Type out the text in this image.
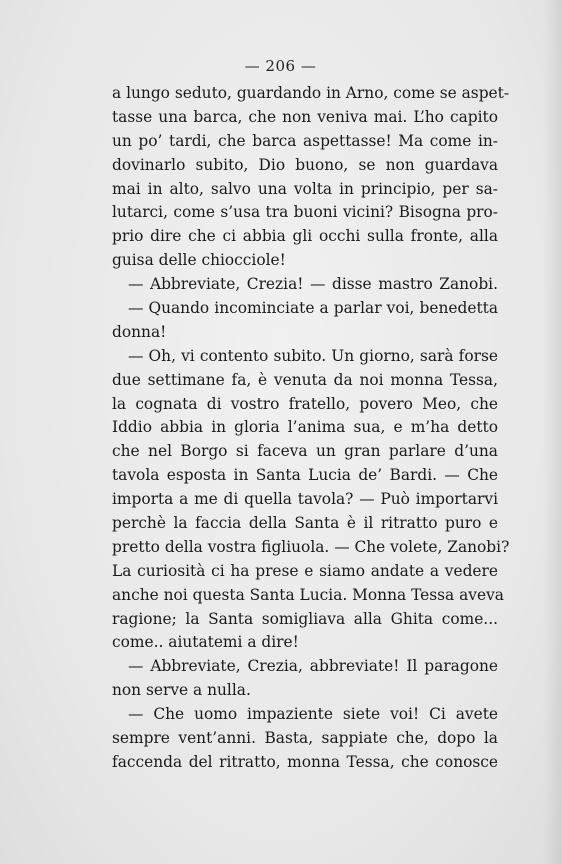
— 206 —
a lungo seduto, guardando in Arno, come se aspet-
tasse una barca, che non veniva mai. L’ho capito
un po’ tardi, che barca aspettasse! Ma come in-
dovinarlo subito, Dio buono, se non guardava
mai in alto, salvo una volta in principio, per sa-
lutarci, come s’usa tra buoni vicini? Bisogna pro-
prio dire che ci abbia gli occhi sulla fronte, alla
guisa delle chiocciole!
— Abbreviate, Crezia! — disse mastro Zanobi.
— Quando incominciate a parlar voi, benedetta
donna!
— Oh, vi contento subito. Un giorno, sarà forse
due settimane fa, è venuta da noi monna Tessa,
la cognata di vostro fratello, povero Meo, che
Iddio abbia in gloria l’anima sua, e m’ha detto
che nel Borgo si faceva un gran parlare d’una
tavola esposta in Santa Lucia de’ Bardi. — Che
importa a me di quella tavola? — Può importarvi
perchè la faccia della Santa è il ritratto puro e
pretto della vostra figliuola. — Che volete, Zanobi?
La curiosità ci ha prese e siamo andate a vedere
anche noi questa Santa Lucia. Monna Tessa aveva
ragione; la Santa somigliava alla Ghita come...
come.. aiutatemi a dire!
— Abbreviate, Crezia, abbreviate! Il paragone
non serve a nulla.
— Che uomo impaziente siete voi! Ci avete
sempre vent’anni. Basta, sappiate che, dopo la
faccenda del ritratto, monna Tessa, che conosce
